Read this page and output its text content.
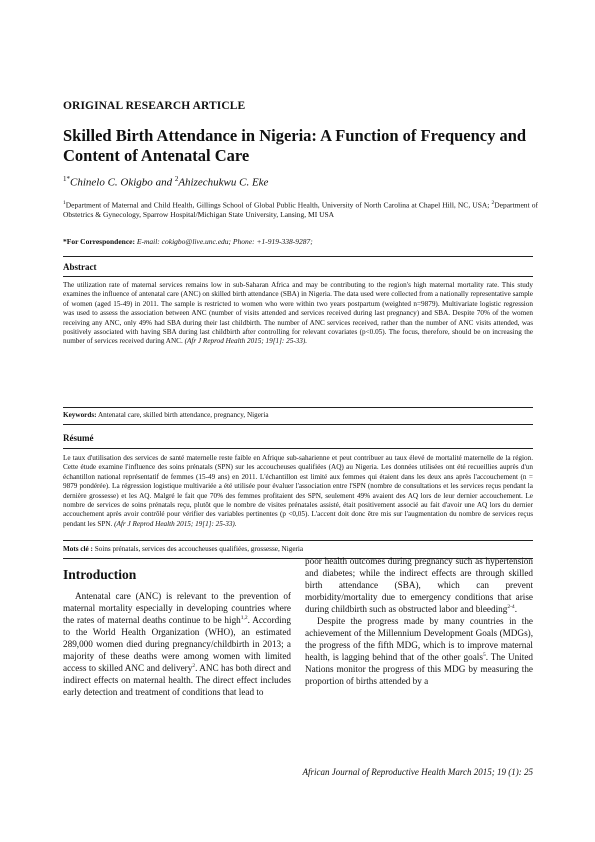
ORIGINAL RESEARCH ARTICLE
Skilled Birth Attendance in Nigeria: A Function of Frequency and Content of Antenatal Care
$^{1*}$Chinelo C. Okigbo and $^2$Ahizechukwu C. Eke
$^1$Department of Maternal and Child Health, Gillings School of Global Public Health, University of North Carolina at Chapel Hill, NC, USA; $^2$Department of Obstetrics & Gynecology, Sparrow Hospital/Michigan State University, Lansing, MI USA
*For Correspondence: E-mail: cokigbo@live.unc.edu; Phone: +1-919-338-9287;
Abstract

The utilization rate of maternal services remains low in sub-Saharan Africa and may be contributing to the region's high maternal mortality rate. This study examines the influence of antenatal care (ANC) on skilled birth attendance (SBA) in Nigeria. The data used were collected from a nationally representative sample of women (aged 15-49) in 2011. The sample is restricted to women who were within two years postpartum (weighted n=9879). Multivariate logistic regression was used to assess the association between ANC (number of visits attended and services received during last pregnancy) and SBA. Despite 70% of the women receiving any ANC, only 49% had SBA during their last childbirth. The number of ANC services received, rather than the number of ANC visits attended, was positively associated with having SBA during last childbirth after controlling for relevant covariates (p<0.05). The focus, therefore, should be on increasing the number of services received during ANC. (Afr J Reprod Health 2015; 19[1]: 25-33).

Keywords: Antenatal care, skilled birth attendance, pregnancy, Nigeria
Résumé

Le taux d'utilisation des services de santé maternelle reste faible en Afrique sub-saharienne et peut contribuer au taux élevé de mortalité maternelle de la région. Cette étude examine l'influence des soins prénatals (SPN) sur les accoucheuses qualifiées (AQ) au Nigeria. Les données utilisées ont été recueillies auprès d'un échantillon national représentatif de femmes (15-49 ans) en 2011. L'échantillon est limité aux femmes qui étaient dans les deux ans après l'accouchement (n = 9879 pondérée). La régression logistique multivariée a été utilisée pour évaluer l'association entre l'SPN (nombre de consultations et les services reçus pendant la dernière grossesse) et les AQ. Malgré le fait que 70% des femmes profitaient des SPN, seulement 49% avaient des AQ lors de leur dernier accouchement. Le nombre de services de soins prénatals reçu, plutôt que le nombre de visites prénatales assisté, était positivement associé au fait d'avoir une AQ lors du dernier accouchement après avoir contrôlé pour vérifier des variables pertinentes (p <0,05). L'accent doit donc être mis sur l'augmentation du nombre de services reçus pendant les SPN. (Afr J Reprod Health 2015; 19[1]: 25-33).

Mots clé : Soins prénatals, services des accoucheuses qualifiées, grossesse, Nigeria
Introduction

Antenatal care (ANC) is relevant to the prevention of maternal mortality especially in developing countries where the rates of maternal deaths continue to be high$^{1,2}$. According to the World Health Organization (WHO), an estimated 289,000 women died during pregnancy/childbirth in 2013; a majority of these deaths were among women with limited access to skilled ANC and delivery$^2$. ANC has both direct and indirect effects on maternal health. The direct effect includes early detection and treatment of conditions that lead to

poor health outcomes during pregnancy such as hypertension and diabetes; while the indirect effects are through skilled birth attendance (SBA), which can prevent morbidity/mortality due to emergency conditions that arise during childbirth such as obstructed labor and bleeding$^{2-4}$.

Despite the progress made by many countries in the achievement of the Millennium Development Goals (MDGs), the progress of the fifth MDG, which is to improve maternal health, is lagging behind that of the other goals$^5$. The United Nations monitor the progress of this MDG by measuring the proportion of births attended by a

African Journal of Reproductive Health March 2015; 19 (1): 25
